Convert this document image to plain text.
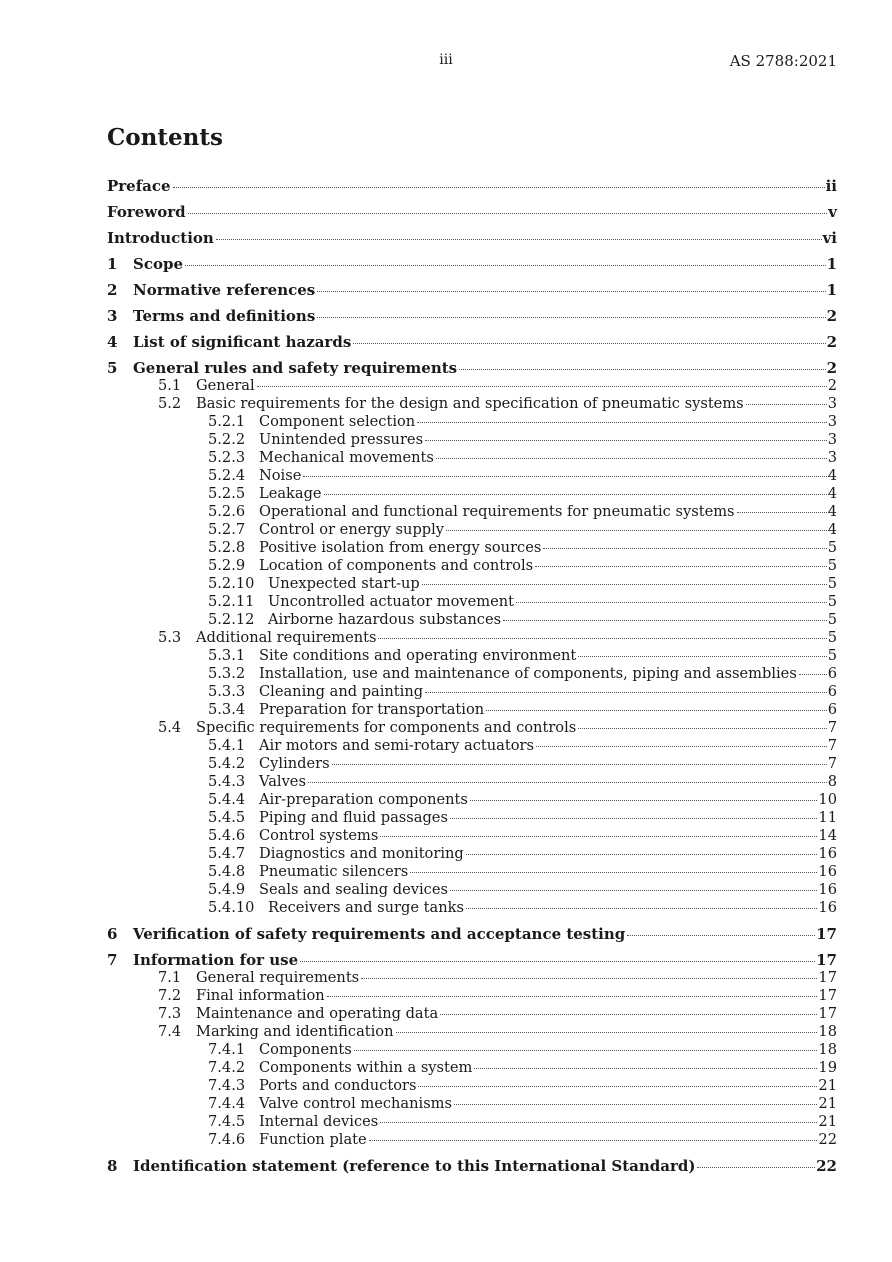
iii	AS 2788:2021
Contents
Preface	ii
Foreword	v
Introduction	vi
1	Scope	1
2	Normative references	1
3	Terms and definitions	2
4	List of significant hazards	2
5	General rules and safety requirements	2
5.1	General	2
5.2	Basic requirements for the design and specification of pneumatic systems	3
5.2.1 Component selection	3
5.2.2 Unintended pressures	3
5.2.3 Mechanical movements	3
5.2.4 Noise	4
5.2.5 Leakage	4
5.2.6 Operational and functional requirements for pneumatic systems	4
5.2.7 Control or energy supply	4
5.2.8 Positive isolation from energy sources	5
5.2.9 Location of components and controls	5
5.2.10 Unexpected start-up	5
5.2.11 Uncontrolled actuator movement	5
5.2.12 Airborne hazardous substances	5
5.3	Additional requirements	5
5.3.1 Site conditions and operating environment	5
5.3.2 Installation, use and maintenance of components, piping and assemblies 6
5.3.3 Cleaning and painting	6
5.3.4 Preparation for transportation	6
5.4	Specific requirements for components and controls	7
5.4.1 Air motors and semi-rotary actuators	7
5.4.2 Cylinders	7
5.4.3 Valves	8
5.4.4 Air-preparation components	10
5.4.5 Piping and fluid passages	11
5.4.6 Control systems	14
5.4.7 Diagnostics and monitoring	16
5.4.8 Pneumatic silencers	16
5.4.9 Seals and sealing devices	16
5.4.10 Receivers and surge tanks	16
6	Verification of safety requirements and acceptance testing	17
7	Information for use	17
7.1	General requirements	17
7.2	Final information	17
7.3	Maintenance and operating data	17
7.4	Marking and identification	18
7.4.1 Components	18
7.4.2 Components within a system	19
7.4.3 Ports and conductors	21
7.4.4 Valve control mechanisms	21
7.4.5 Internal devices	21
7.4.6 Function plate	22
8	Identification statement (reference to this International Standard)	22
